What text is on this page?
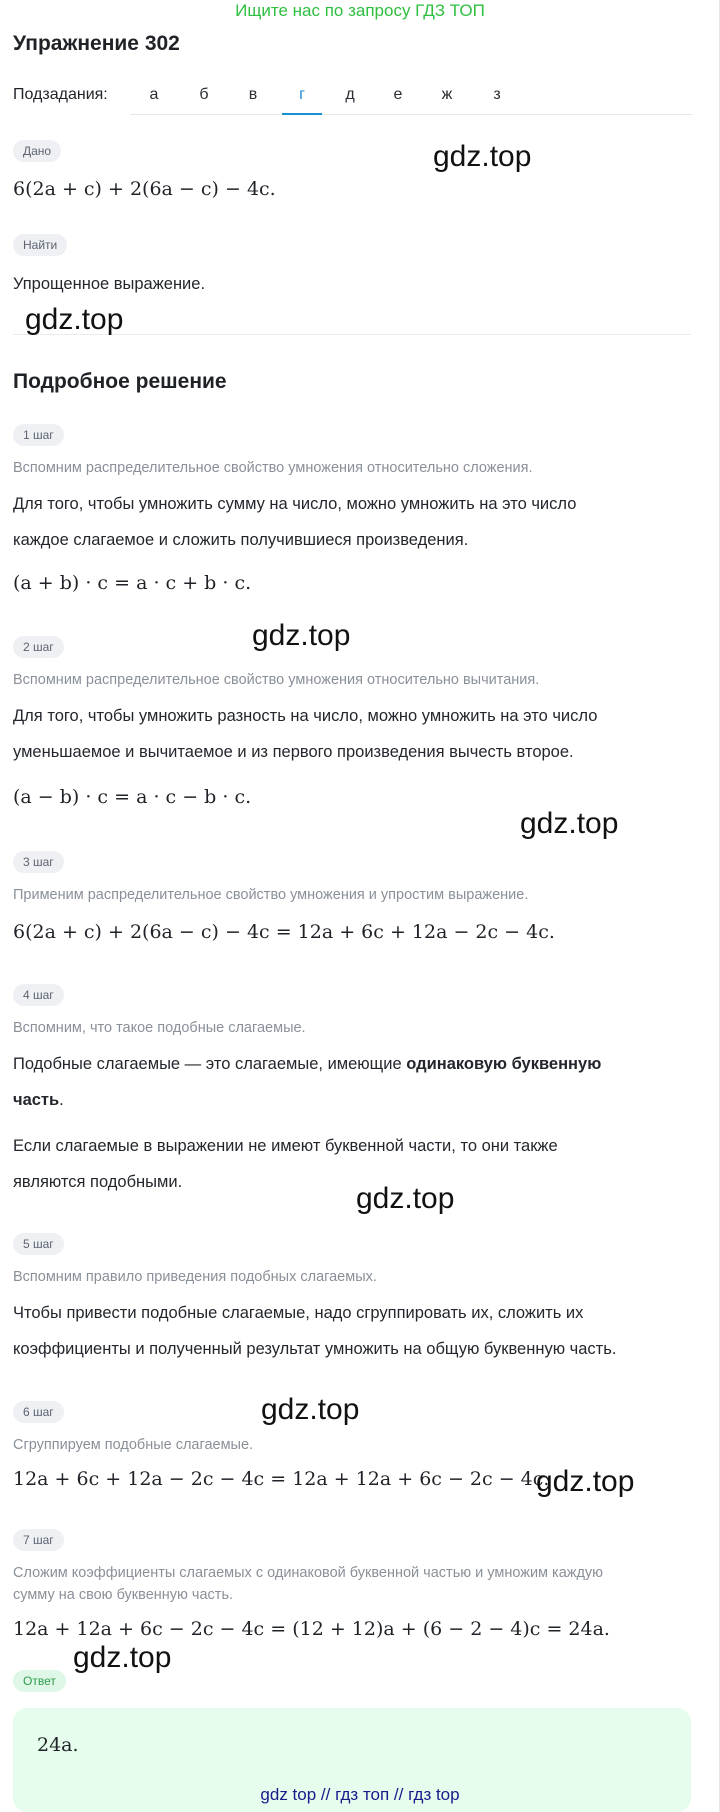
Ищите нас по запросу ГДЗ ТОП
Упражнение 302
Подзадания:	а	б	в	г	д	е	ж	з
Дано
6(2a + c) + 2(6a − c) − 4c.
Найти
Упрощенное выражение.
Подробное решение
1 шаг
Вспомним распределительное свойство умножения относительно сложения.
Для того, чтобы умножить сумму на число, можно умножить на это число
каждое слагаемое и сложить получившиеся произведения.
(a + b) · c = a · c + b · c.
2 шаг
Вспомним распределительное свойство умножения относительно вычитания.
Для того, чтобы умножить разность на число, можно умножить на это число
уменьшаемое и вычитаемое и из первого произведения вычесть второе.
(a − b) · c = a · c − b · c.
3 шаг
Применим распределительное свойство умножения и упростим выражение.
6(2a + c) + 2(6a − c) − 4c = 12a + 6c + 12a − 2c − 4c.
4 шаг
Вспомним, что такое подобные слагаемые.
Подобные слагаемые — это слагаемые, имеющие одинаковую буквенную
часть.
Если слагаемые в выражении не имеют буквенной части, то они также
являются подобными.
5 шаг
Вспомним правило приведения подобных слагаемых.
Чтобы привести подобные слагаемые, надо сгруппировать их, сложить их
коэффициенты и полученный результат умножить на общую буквенную часть.
6 шаг
Сгруппируем подобные слагаемые.
12a + 6c + 12a − 2c − 4c = 12a + 12a + 6c − 2c − 4c.
7 шаг
Сложим коэффициенты слагаемых с одинаковой буквенной частью и умножим каждую
сумму на свою буквенную часть.
12a + 12a + 6c − 2c − 4c = (12 + 12)a + (6 − 2 − 4)c = 24a.
Ответ
24a.
gdz.top
gdz.top
gdz.top
gdz.top
gdz.top
gdz.top
gdz.top
gdz.top
gdz top // гдз топ // гдз top
